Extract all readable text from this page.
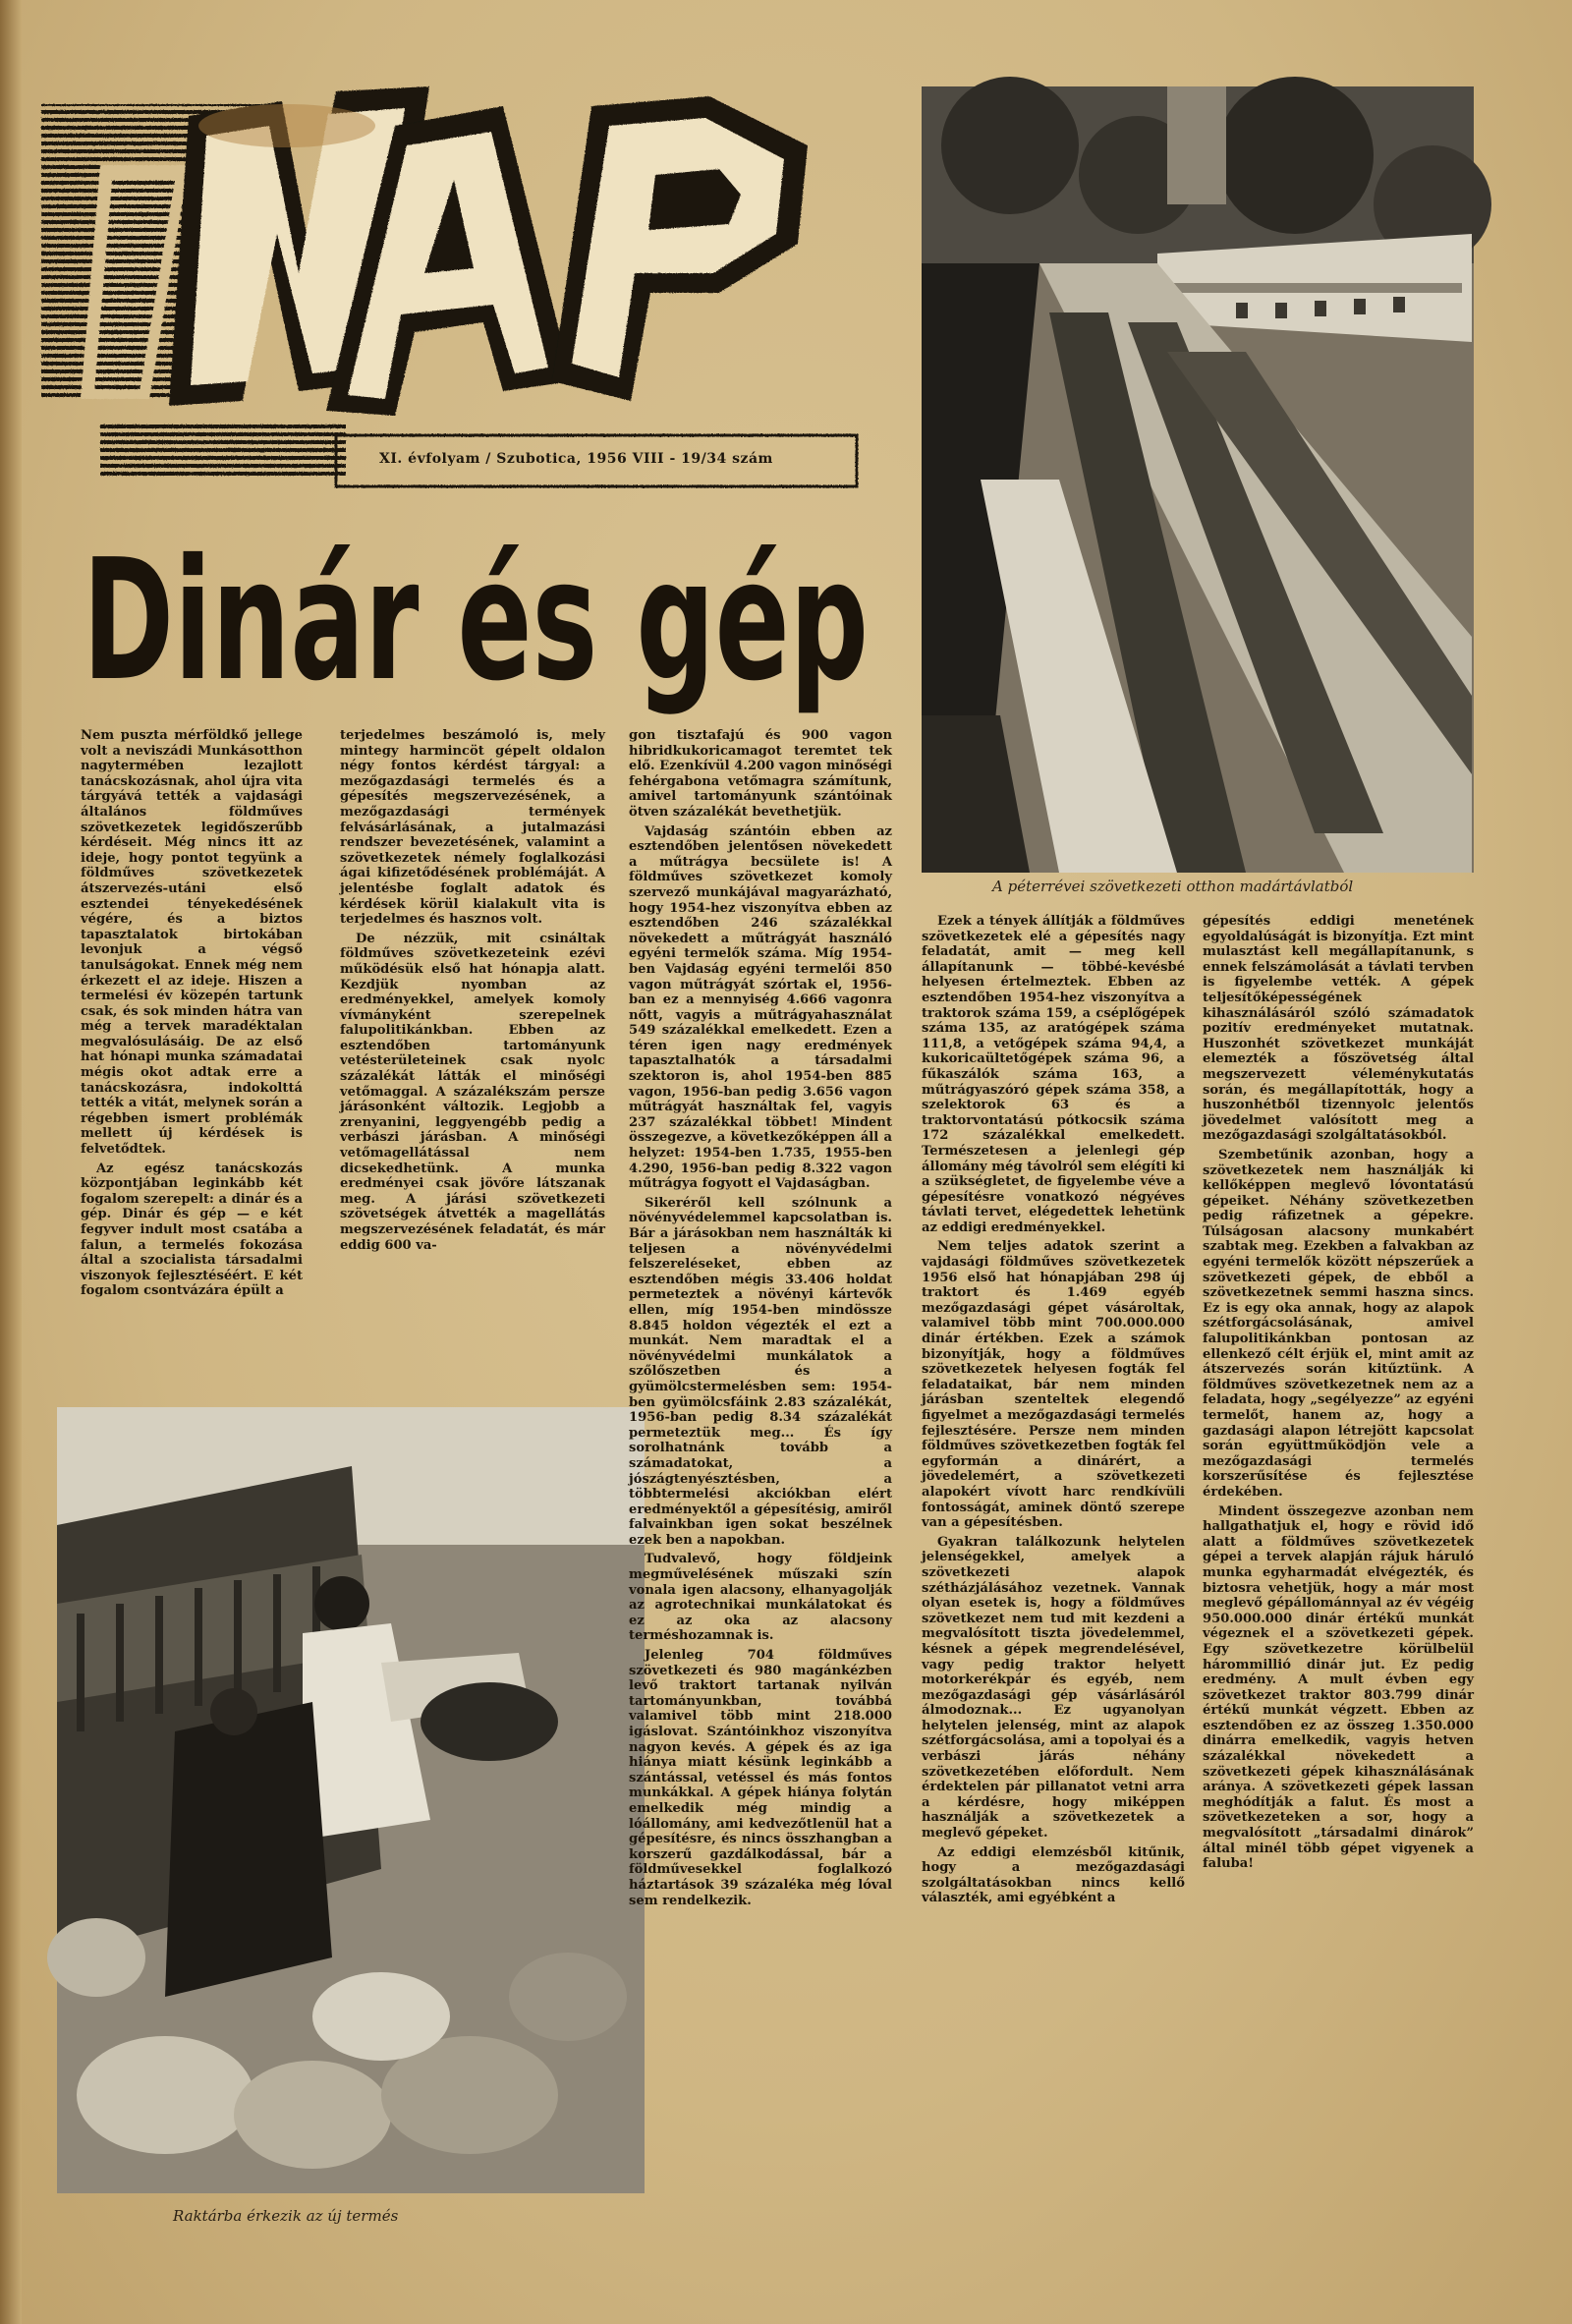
XI. évfolyam / Szubotica, 1956 VIII - 19/34 szám
Dinár és gép
A péterrévei szövetkezeti otthon madártávlatból
Raktárba érkezik az új termés

Nem puszta mérföldkő jellege volt a neviszádi Munkásotthon nagytermében lezajlott tanácskozásnak, ahol újra vita tárgyává tették a vajdasági általános földműves szövetkezetek legidőszerűbb kérdéseit. Még nincs itt az ideje, hogy pontot tegyünk a földműves szövetkezetek átszervezés-utáni első esztendei tényekedésének végére, és a biztos tapasztalatok birtokában levonjuk a végső tanulságokat. Ennek még nem érkezett el az ideje. Hiszen a termelési év közepén tartunk csak, és sok minden hátra van még a tervek maradéktalan megvalósulásáig. De az első hat hónapi munka számadatai mégis okot adtak erre a tanácskozásra, indokolttá tették a vitát, melynek során a régebben ismert problémák mellett új kérdések is felvetődtek.

Az egész tanácskozás központjában leginkább két fogalom szerepelt: a dinár és a gép. Dinár és gép — e két fegyver indult most csatába a falun, a termelés fokozása által a szocialista társadalmi viszonyok fejlesztéséért. E két fogalom csontvázára épült a

terjedelmes beszámoló is, mely mintegy harmincöt gépelt oldalon négy fontos kérdést tárgyal: a mezőgazdasági termelés és a gépesítés megszervezésének, a mezőgazdasági termények felvásárlásának, a jutalmazási rendszer bevezetésének, valamint a szövetkezetek némely foglalkozási ágai kifizetődésének problémáját. A jelentésbe foglalt adatok és kérdések körül kialakult vita is terjedelmes és hasznos volt.

De nézzük, mit csináltak földműves szövetkezeteink ezévi működésük első hat hónapja alatt. Kezdjük nyomban az eredményekkel, amelyek komoly vívmányként szerepelnek falupolitikánkban. Ebben az esztendőben tartományunk vetésterületeinek csak nyolc százalékát látták el minőségi vetőmaggal. A százalékszám persze járásonként változik. Legjobb a zrenyanini, leggyengébb pedig a verbászi járásban. A minőségi vetőmagellátással nem dicsekedhetünk. A munka eredményei csak jövőre látszanak meg. A járási szövetkezeti szövetségek átvették a magellátás megszervezésének feladatát, és már eddig 600 va-

gon tisztafajú és 900 vagon hibridkukoricamagot teremtet tek elő. Ezenkívül 4.200 vagon minőségi fehérgabona vetőmagra számítunk, amivel tartományunk szántóinak ötven százalékát bevethetjük.

Vajdaság szántóin ebben az esztendőben jelentősen növekedett a műtrágya becsülete is! A földműves szövetkezet komoly szervező munkájával magyarázható, hogy 1954-hez viszonyítva ebben az esztendőben 246 százalékkal növekedett a műtrágyát használó egyéni termelők száma. Míg 1954-ben Vajdaság egyéni termelői 850 vagon műtrágyát szórtak el, 1956-ban ez a mennyiség 4.666 vagonra nőtt, vagyis a műtrágyahasználat 549 százalékkal emelkedett. Ezen a téren igen nagy eredmények tapasztalhatók a társadalmi szektoron is, ahol 1954-ben 885 vagon, 1956-ban pedig 3.656 vagon műtrágyát használtak fel, vagyis 237 százalékkal többet! Mindent összegezve, a következőképpen áll a helyzet: 1954-ben 1.735, 1955-ben 4.290, 1956-ban pedig 8.322 vagon műtrágya fogyott el Vajdaságban.

Sikeréről kell szólnunk a növényvédelemmel kapcsolatban is. Bár a járásokban nem használták ki teljesen a növényvédelmi felszereléseket, ebben az esztendőben mégis 33.406 holdat permeteztek a növényi kártevők ellen, míg 1954-ben mindössze 8.845 holdon végezték el ezt a munkát. Nem maradtak el a növényvédelmi munkálatok a szőlőszetben és a gyümölcstermelésben sem: 1954-ben gyümölcsfáink 2.83 százalékát, 1956-ban pedig 8.34 százalékát permeteztük meg... És így sorolhatnánk tovább a számadatokat, a jószágtenyésztésben, a többtermelési akciókban elért eredményektől a gépesítésig, amiről falvainkban igen sokat beszélnek ezek ben a napokban.

Tudvalevő, hogy földjeink megművelésének műszaki szín vonala igen alacsony, elhanyagolják az agrotechnikai munkálatokat és ez az oka az alacsony terméshozamnak is.

Jelenleg 704 földműves szövetkezeti és 980 magánkézben levő traktort tartanak nyilván tartományunkban, továbbá valamivel több mint 218.000 igáslovat. Szántóinkhoz viszonyítva nagyon kevés. A gépek és az iga hiánya miatt késünk leginkább a szántással, vetéssel és más fontos munkákkal. A gépek hiánya folytán emelkedik még mindig a lóállomány, ami kedvezőtlenül hat a gépesítésre, és nincs összhangban a korszerű gazdálkodással, bár a földművesekkel foglalkozó háztartások 39 százaléka még lóval sem rendelkezik.

Ezek a tények állítják a földműves szövetkezetek elé a gépesítés nagy feladatát, amit — meg kell állapítanunk — többé-kevésbé helyesen értelmeztek. Ebben az esztendőben 1954-hez viszonyítva a traktorok száma 159, a cséplőgépek száma 135, az aratógépek száma 111,8, a vetőgépek száma 94,4, a kukoricaültetőgépek száma 96, a fűkaszálók száma 163, a műtrágyaszóró gépek száma 358, a szelektorok 63 és a traktorvontatású pótkocsik száma 172 százalékkal emelkedett. Természetesen a jelenlegi gép állomány még távolról sem elégíti ki a szükségletet, de figyelembe véve a gépesítésre vonatkozó négyéves távlati tervet, elégedettek lehetünk az eddigi eredményekkel.

Nem teljes adatok szerint a vajdasági földműves szövetkezetek 1956 első hat hónapjában 298 új traktort és 1.469 egyéb mezőgazdasági gépet vásároltak, valamivel több mint 700.000.000 dinár értékben. Ezek a számok bizonyítják, hogy a földműves szövetkezetek helyesen fogták fel feladataikat, bár nem minden járásban szenteltek elegendő figyelmet a mezőgazdasági termelés fejlesztésére. Persze nem minden földműves szövetkezetben fogták fel egyformán a dinárért, a jövedelemért, a szövetkezeti alapokért vívott harc rendkívüli fontosságát, aminek döntő szerepe van a gépesítésben.

Gyakran találkozunk helytelen jelenségekkel, amelyek a szövetkezeti alapok szétházjálásához vezetnek. Vannak olyan esetek is, hogy a földműves szövetkezet nem tud mit kezdeni a megvalósított tiszta jövedelemmel, késnek a gépek megrendelésével, vagy pedig traktor helyett motorkerékpár és egyéb, nem mezőgazdasági gép vásárlásáról álmodoznak... Ez ugyanolyan helytelen jelenség, mint az alapok szétforgácsolása, ami a topolyai és a verbászi járás néhány szövetkezetében előfordult. Nem érdektelen pár pillanatot vetni arra a kérdésre, hogy miképpen használják a szövetkezetek a meglevő gépeket.

Az eddigi elemzésből kitűnik, hogy a mezőgazdasági szolgáltatásokban nincs kellő választék, ami egyébként a

gépesítés eddigi menetének egyoldalúságát is bizonyítja. Ezt mint mulasztást kell megállapítanunk, s ennek felszámolását a távlati tervben is figyelembe vették. A gépek teljesítőképességének kihasználásáról szóló számadatok pozitív eredményeket mutatnak. Huszonhét szövetkezet munkáját elemezték a főszövetség által megszervezett véleménykutatás során, és megállapították, hogy a huszonhétből tizennyolc jelentős jövedelmet valósított meg a mezőgazdasági szolgáltatásokból.

Szembetűnik azonban, hogy a szövetkezetek nem használják ki kellőképpen meglevő lóvontatású gépeiket. Néhány szövetkezetben pedig ráfizetnek a gépekre. Túlságosan alacsony munkabért szabtak meg. Ezekben a falvakban az egyéni termelők között népszerűek a szövetkezeti gépek, de ebből a szövetkezetnek semmi haszna sincs. Ez is egy oka annak, hogy az alapok szétforgácsolásának, amivel falupolitikánkban pontosan az ellenkező célt érjük el, mint amit az átszervezés során kitűztünk. A földműves szövetkezetnek nem az a feladata, hogy „segélyezze” az egyéni termelőt, hanem az, hogy a gazdasági alapon létrejött kapcsolat során együttműködjön vele a mezőgazdasági termelés korszerűsítése és fejlesztése érdekében.

Mindent összegezve azonban nem hallgathatjuk el, hogy e rövid idő alatt a földműves szövetkezetek gépei a tervek alapján rájuk háruló munka egyharmadát elvégezték, és biztosra vehetjük, hogy a már most meglevő gépállománnyal az év végéig 950.000.000 dinár értékű munkát végeznek el a szövetkezeti gépek. Egy szövetkezetre körülbelül hárommillió dinár jut. Ez pedig eredmény. A mult évben egy szövetkezet traktor 803.799 dinár értékű munkát végzett. Ebben az esztendőben ez az összeg 1.350.000 dinárra emelkedik, vagyis hetven százalékkal növekedett a szövetkezeti gépek kihasználásának aránya. A szövetkezeti gépek lassan meghódítják a falut. És most a szövetkezeteken a sor, hogy a megvalósított „társadalmi dinárok” által minél több gépet vigyenek a faluba!
